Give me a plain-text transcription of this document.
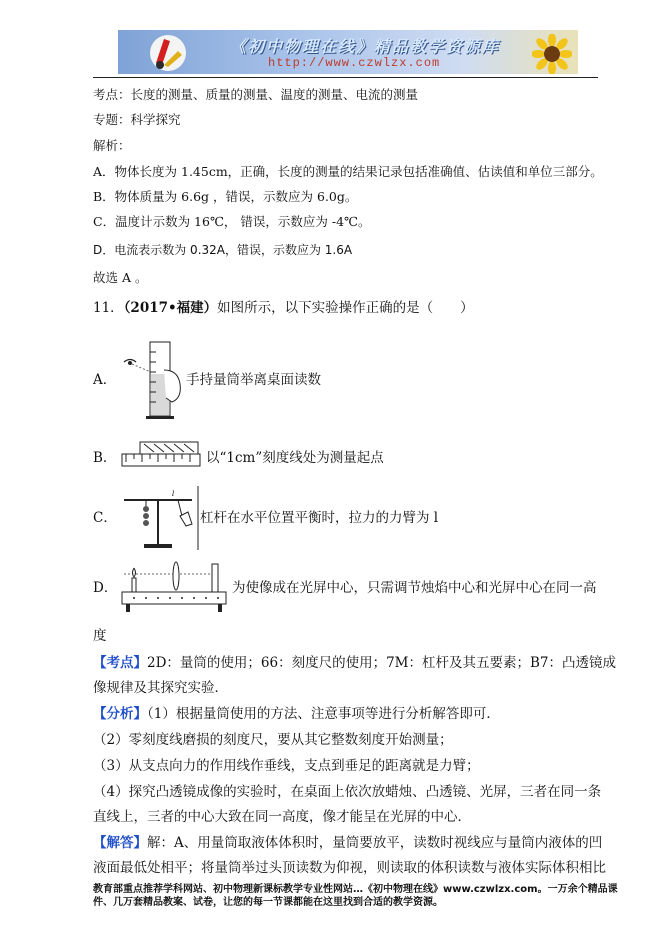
《初中物理在线》精品教学资源库
http://www.czwlzx.com
考点：长度的测量、质量的测量、温度的测量、电流的测量
专题：科学探究
解析：
A．物体长度为 1.45cm，正确，长度的测量的结果记录包括准确值、估读值和单位三部分。
B．物体质量为 6.6g ，错误，示数应为 6.0g。
C．温度计示数为 16℃， 错误，示数应为 -4℃。
D．电流表示数为 0.32A，错误，示数应为 1.6A
故选 A 。
11．（2017•福建）如图所示，以下实验操作正确的是（　　）
A．	手持量筒举离桌面读数
B．	以“1cm”刻度线处为测量起点
C．
l
杠杆在水平位置平衡时，拉力的力臂为 l
D．	为使像成在光屏中心，只需调节烛焰中心和光屏中心在同一高
度
【考点】2D：量筒的使用；66：刻度尺的使用；7M：杠杆及其五要素；B7：凸透镜成
像规律及其探究实验．
【分析】（1）根据量筒使用的方法、注意事项等进行分析解答即可．
（2）零刻度线磨损的刻度尺，要从其它整数刻度开始测量；
（3）从支点向力的作用线作垂线，支点到垂足的距离就是力臂；
（4）探究凸透镜成像的实验时，在桌面上依次放蜡烛、凸透镜、光屏，三者在同一条
直线上，三者的中心大致在同一高度，像才能呈在光屏的中心．
【解答】解：A、用量筒取液体体积时，量筒要放平，读数时视线应与量筒内液体的凹
液面最低处相平；将量筒举过头顶读数为仰视，则读取的体积读数与液体实际体积相比
教育部重点推荐学科网站、初中物理新课标教学专业性网站…《初中物理在线》www.czwlzx.com。一万余个精品课
件、几万套精品教案、试卷，让您的每一节课都能在这里找到合适的教学资源。
